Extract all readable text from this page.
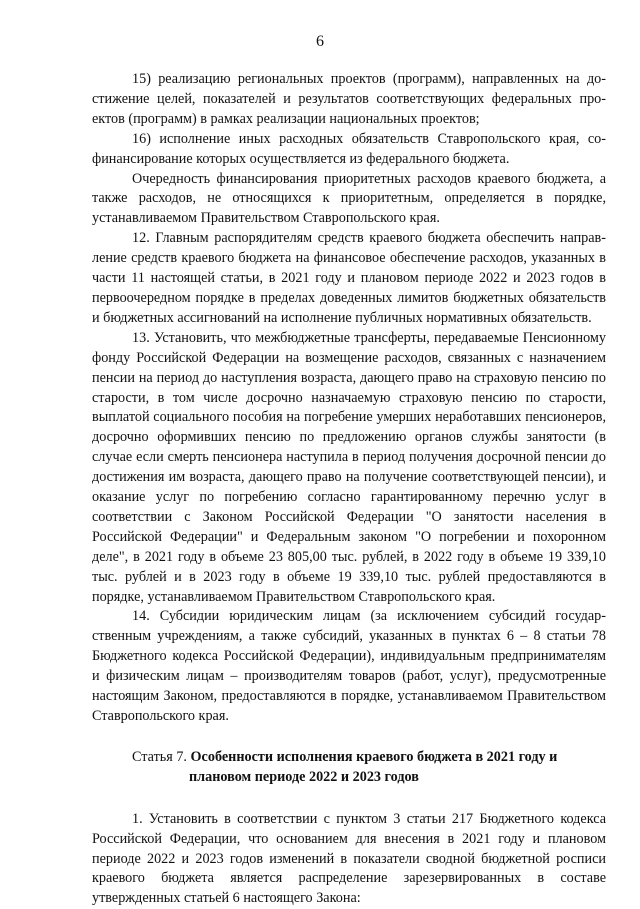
6

15) реализацию региональных проектов (программ), направленных на достижение целей, показателей и результатов соответствующих федеральных проектов (программ) в рамках реализации национальных проектов;

16) исполнение иных расходных обязательств Ставропольского края, софинансирование которых осуществляется из федерального бюджета.

Очередность финансирования приоритетных расходов краевого бюджета, а также расходов, не относящихся к приоритетным, определяется в порядке, устанавливаемом Правительством Ставропольского края.

12. Главным распорядителям средств краевого бюджета обеспечить направление средств краевого бюджета на финансовое обеспечение расходов, указанных в части 11 настоящей статьи, в 2021 году и плановом периоде 2022 и 2023 годов в первоочередном порядке в пределах доведенных лимитов бюджетных обязательств и бюджетных ассигнований на исполнение публичных нормативных обязательств.

13. Установить, что межбюджетные трансферты, передаваемые Пенсионному фонду Российской Федерации на возмещение расходов, связанных с назначением пенсии на период до наступления возраста, дающего право на страховую пенсию по старости, в том числе досрочно назначаемую страховую пенсию по старости, выплатой социального пособия на погребение умерших неработавших пенсионеров, досрочно оформивших пенсию по предложению органов службы занятости (в случае если смерть пенсионера наступила в период получения досрочной пенсии до достижения им возраста, дающего право на получение соответствующей пенсии), и оказание услуг по погребению согласно гарантированному перечню услуг в соответствии с Законом Российской Федерации "О занятости населения в Российской Федерации" и Федеральным законом "О погребении и похоронном деле", в 2021 году в объеме 23 805,00 тыс. рублей, в 2022 году в объеме 19 339,10 тыс. рублей и в 2023 году в объеме 19 339,10 тыс. рублей предоставляются в порядке, устанавливаемом Правительством Ставропольского края.

14. Субсидии юридическим лицам (за исключением субсидий государственным учреждениям, а также субсидий, указанных в пунктах 6 – 8 статьи 78 Бюджетного кодекса Российской Федерации), индивидуальным предпринимателям и физическим лицам – производителям товаров (работ, услуг), предусмотренные настоящим Законом, предоставляются в порядке, устанавливаемом Правительством Ставропольского края.

Статья 7. Особенности исполнения краевого бюджета в 2021 году и
плановом периоде 2022 и 2023 годов

1. Установить в соответствии с пунктом 3 статьи 217 Бюджетного кодекса Российской Федерации, что основанием для внесения в 2021 году и плановом периоде 2022 и 2023 годов изменений в показатели сводной бюджетной росписи краевого бюджета является распределение зарезервированных в составе утвержденных статьей 6 настоящего Закона:
